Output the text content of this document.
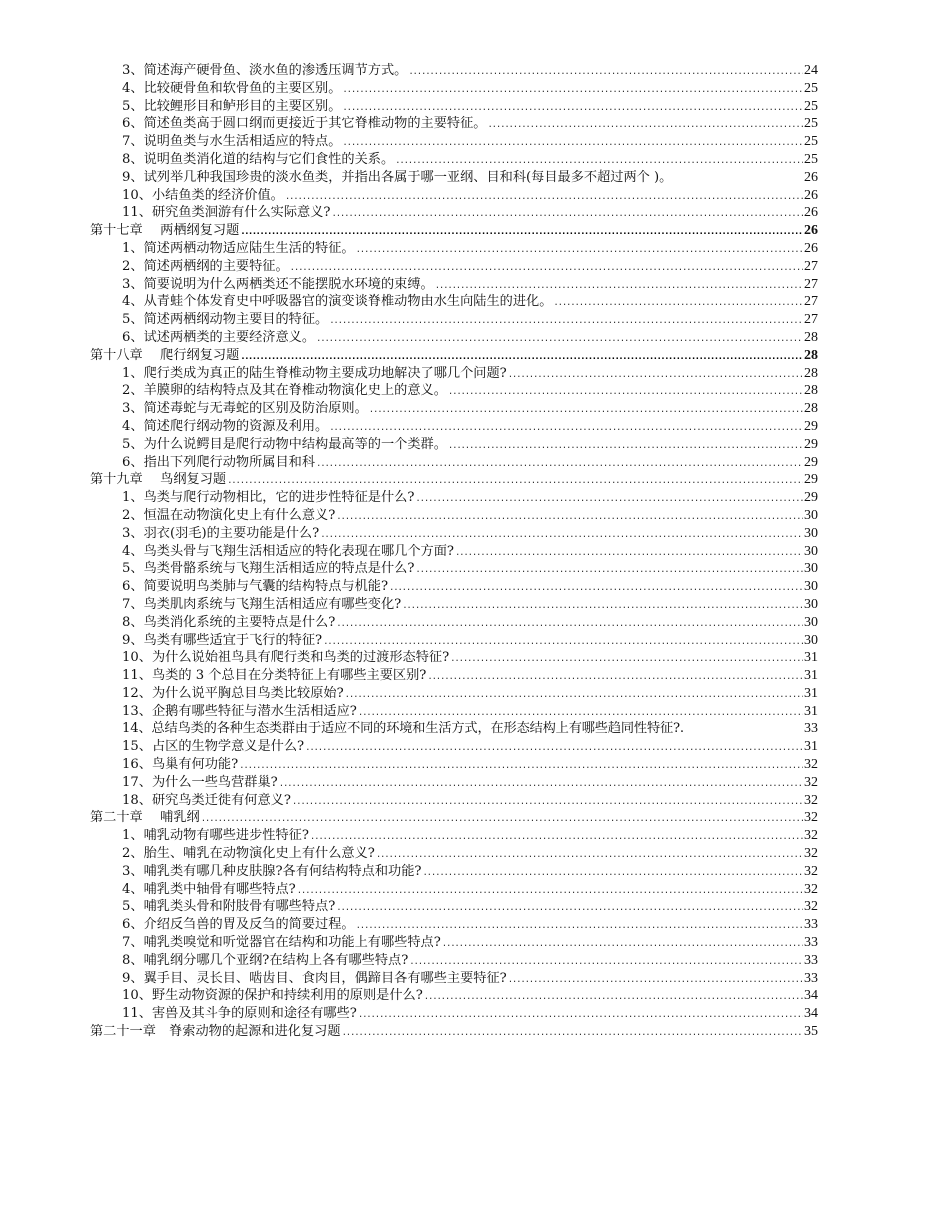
3、简述海产硬骨鱼、淡水鱼的渗透压调节方式。 .....	24
4、比较硬骨鱼和软骨鱼的主要区别。 .....	25
5、比较鲤形目和鲈形目的主要区别。 .....	25
6、简述鱼类高于圆口纲而更接近于其它脊椎动物的主要特征。 .....	25
7、说明鱼类与水生活相适应的特点。 .....	25
8、说明鱼类消化道的结构与它们食性的关系。 .....	25
9、试列举几种我国珍贵的淡水鱼类，并指出各属于哪一亚纲、目和科(每目最多不超过两个 )。	26
10、小结鱼类的经济价值。 .....	26
11、研究鱼类洄游有什么实际意义? .....	26
第十七章　 两栖纲复习题 .....	26
1、简述两栖动物适应陆生生活的特征。 .....	26
2、简述两栖纲的主要特征。 .....	27
3、简要说明为什么两栖类还不能摆脱水环境的束缚。 .....	27
4、从青蛙个体发育史中呼吸器官的演变谈脊椎动物由水生向陆生的进化。 .....	27
5、简述两栖纲动物主要目的特征。 .....	27
6、试述两栖类的主要经济意义。 .....	28
第十八章　 爬行纲复习题 .....	28
1、爬行类成为真正的陆生脊椎动物主要成功地解决了哪几个问题? .....	28
2、羊膜卵的结构特点及其在脊椎动物演化史上的意义。 .....	28
3、简述毒蛇与无毒蛇的区别及防治原则。 .....	28
4、简述爬行纲动物的资源及利用。 .....	29
5、为什么说鳄目是爬行动物中结构最高等的一个类群。 .....	29
6、指出下列爬行动物所属目和科 .....	29
第十九章　 鸟纲复习题 .....	29
1、鸟类与爬行动物相比，它的进步性特征是什么? .....	29
2、恒温在动物演化史上有什么意义? .....	30
3、羽衣(羽毛)的主要功能是什么? .....	30
4、鸟类头骨与飞翔生活相适应的特化表现在哪几个方面? .....	30
5、鸟类骨骼系统与飞翔生活相适应的特点是什么? .....	30
6、简要说明鸟类肺与气囊的结构特点与机能? .....	30
7、鸟类肌肉系统与飞翔生活相适应有哪些变化? .....	30
8、鸟类消化系统的主要特点是什么? .....	30
9、鸟类有哪些适宜于飞行的特征? .....	30
10、为什么说始祖鸟具有爬行类和鸟类的过渡形态特征? .....	31
11、鸟类的 3 个总目在分类特征上有哪些主要区别? .....	31
12、为什么说平胸总目鸟类比较原始? .....	31
13、企鹅有哪些特征与潜水生活相适应? .....	31
14、总结鸟类的各种生态类群由于适应不同的环境和生活方式，在形态结构上有哪些趋同性特征?.	33
15、占区的生物学意义是什么? .....	31
16、鸟巢有何功能? .....	32
17、为什么一些鸟营群巢? .....	32
18、研究鸟类迁徙有何意义? .....	32
第二十章　 哺乳纲 .....	32
1、哺乳动物有哪些进步性特征? .....	32
2、胎生、哺乳在动物演化史上有什么意义? .....	32
3、哺乳类有哪几种皮肤腺?各有何结构特点和功能? .....	32
4、哺乳类中轴骨有哪些特点? .....	32
5、哺乳类头骨和附肢骨有哪些特点? .....	32
6、介绍反刍兽的胃及反刍的简要过程。 .....	33
7、哺乳类嗅觉和听觉器官在结构和功能上有哪些特点? .....	33
8、哺乳纲分哪几个亚纲?在结构上各有哪些特点? .....	33
9、翼手目、灵长目、啮齿目、食肉目，偶蹄目各有哪些主要特征? .....	33
10、野生动物资源的保护和持续利用的原则是什么? .....	34
11、害兽及其斗争的原则和途径有哪些? .....	34
第二十一章　脊索动物的起源和进化复习题 .....	35
